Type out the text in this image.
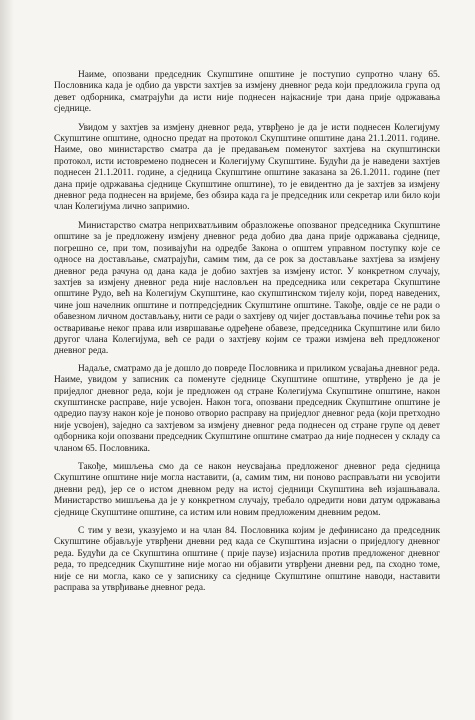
Наиме, опозвани председник Скупштине општине је поступио супротно члану 65. Пословника када је одбио да уврсти захтјев за измјену дневног реда који предложила група од девет одборника, сматрајући да исти није поднесен најкасније три дана прије одржавања сједнице.

Увидом у захтјев за измјену дневног реда, утврђено је да је исти поднесен Колегијуму Скупштине општине, односно предат на протокол Скупштине општине дана 21.1.2011. године. Наиме, ово министарство сматра да је предавањем поменутог захтјева на скупштински протокол, исти истовремено поднесен и Колегијуму Скупштине. Будући да је наведени захтјев поднесен 21.1.2011. године, а сједница Скупштине општине заказана за 26.1.2011. године (пет дана прије одржавања сједнице Скупштине општине), то је евидентно да је захтјев за измјену дневног реда поднесен на вријеме, без обзира када га је председник или секретар или било који члан Колегијума лично запримио.

Министарство сматра неприхватљивим образложење опозваног председника Скупштине општине за је предложену измјену дневног реда добио два дана прије одржавања сједнице, погрешно се, при том, позивајући на одредбе Закона о општем управном поступку које се односе на достављање, сматрајући, самим тим, да се рок за достављање захтјева за измјену дневног реда рачуна од дана када је добио захтјев за измјену истог. У конкретном случају, захтјев за измјену дневног реда није насловљен на председника или секретара Скупштине општине Рудо, већ на Колегијум Скупштине, као скупштинском тијелу који, поред наведених, чине још начелник општине и потпредсједник Скупштине општине. Такође, овдје се не ради о обавезном личном достављању, нити се ради о захтјеву од чијег достављања почињe тећи рок за остваривање неког права или извршавање одређене обавезе, председника Скупштине или било другог члана Колегијума, већ се ради о захтјеву којим се тражи измјена већ предложеног дневног реда.

Надаље, сматрамо да је дошло до повреде Пословника и приликом усвајања дневног реда. Наиме, увидом у записник са поменуте сједнице Скупштине општине, утврђено је да је приједлог дневног реда, који је предложен од стране Колегијума Скупштине општине, након скупштинске расправе, није усвојен. Након тога, опозвани председник Скупштине општине је одредио паузу након које је поново отворио расправу на приједлог дневног реда (који претходно није усвојен), заједно са захтјевом за измјену дневног реда поднесен од стране групе од девет одборника који опозвани председник Скупштине општине сматрао да није поднесен у складу са чланом 65. Пословника.

Такође, мишљења смо да се након неусвајања предложеног дневног реда сједница Скупштине општине није могла наставити, (а, самим тим, ни поново расправљати ни усвојити дневни ред), јер се о истом дневном реду на истој сједници Скупштина већ изјашњавала. Министарство мишљења да је у конкретном случају, требало одредити нови датум одржавања сједнице Скупштине општине, са истим или новим предложеним дневним редом.

С тим у вези, указујемо и на члан 84. Пословника којим је дефинисано да председник Скупштине објављује утврђени дневни ред када се Скупштина изјасни о приједлогу дневног реда. Будући да се Скупштина општине ( прије паузе) изјаснила против предложеног дневног реда, то председник Скупштине није могао ни објавити утврђени дневни ред, па сходно томе, није се ни могла, како се у записнику са сједнице Скупштине општине наводи, наставити расправа за утврђивање дневног реда.
